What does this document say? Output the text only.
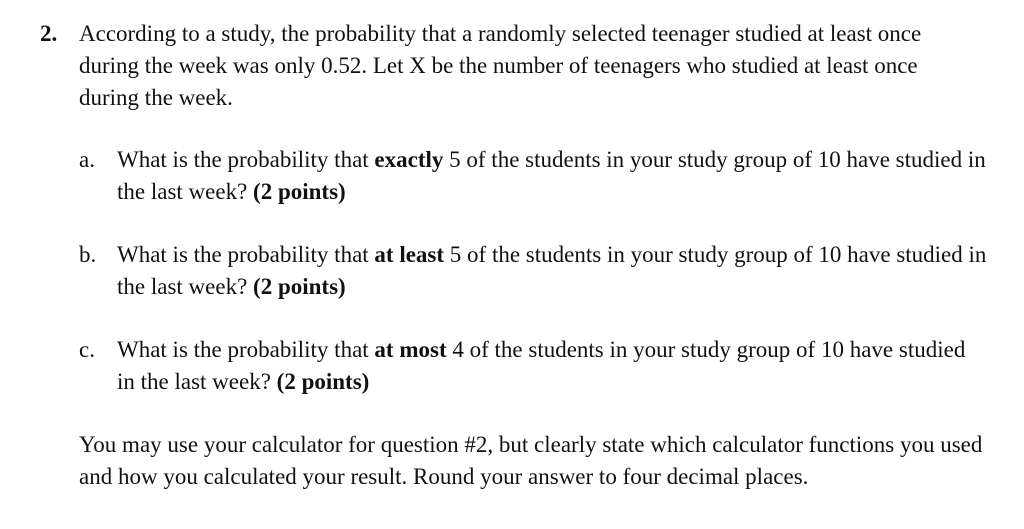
2. According to a study, the probability that a randomly selected teenager studied at least once during the week was only 0.52. Let X be the number of teenagers who studied at least once during the week.
a. What is the probability that exactly 5 of the students in your study group of 10 have studied in the last week? (2 points)
b. What is the probability that at least 5 of the students in your study group of 10 have studied in the last week? (2 points)
c. What is the probability that at most 4 of the students in your study group of 10 have studied in the last week? (2 points)
You may use your calculator for question #2, but clearly state which calculator functions you used and how you calculated your result. Round your answer to four decimal places.
